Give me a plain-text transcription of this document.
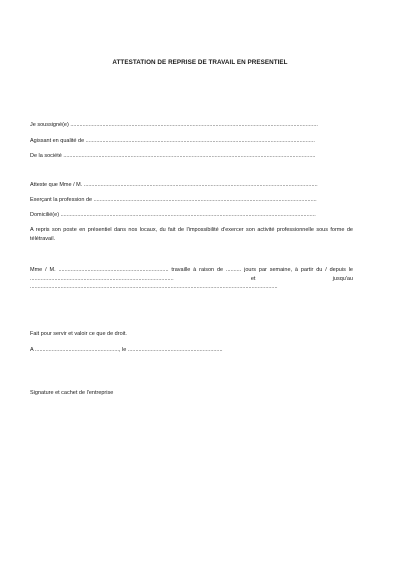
ATTESTATION DE REPRISE DE TRAVAIL EN PRESENTIEL
Je soussigné(e) ..................................................................................................................................................................
Agissant en qualité de ......................................................................................................................................................
De la société .....................................................................................................................................................................
Atteste que Mme / M. .........................................................................................................................................................
Exerçant la profession de ..................................................................................................................................................
Domicilié(e) .......................................................................................................................................................................
A repris son poste en présentiel dans nos locaux, du fait de l'impossibilité d'exercer son activité professionnelle sous forme de télétravail.
Mme / M. ........................................................................ travaille à raison de .......... jours par semaine, à partir du / depuis le .............................................................................................. et jusqu'au ..................................................................................................................................................................
Fait pour servir et valoir ce que de droit.
A ......................................................., le ..............................................................
Signature et cachet de l'entreprise
